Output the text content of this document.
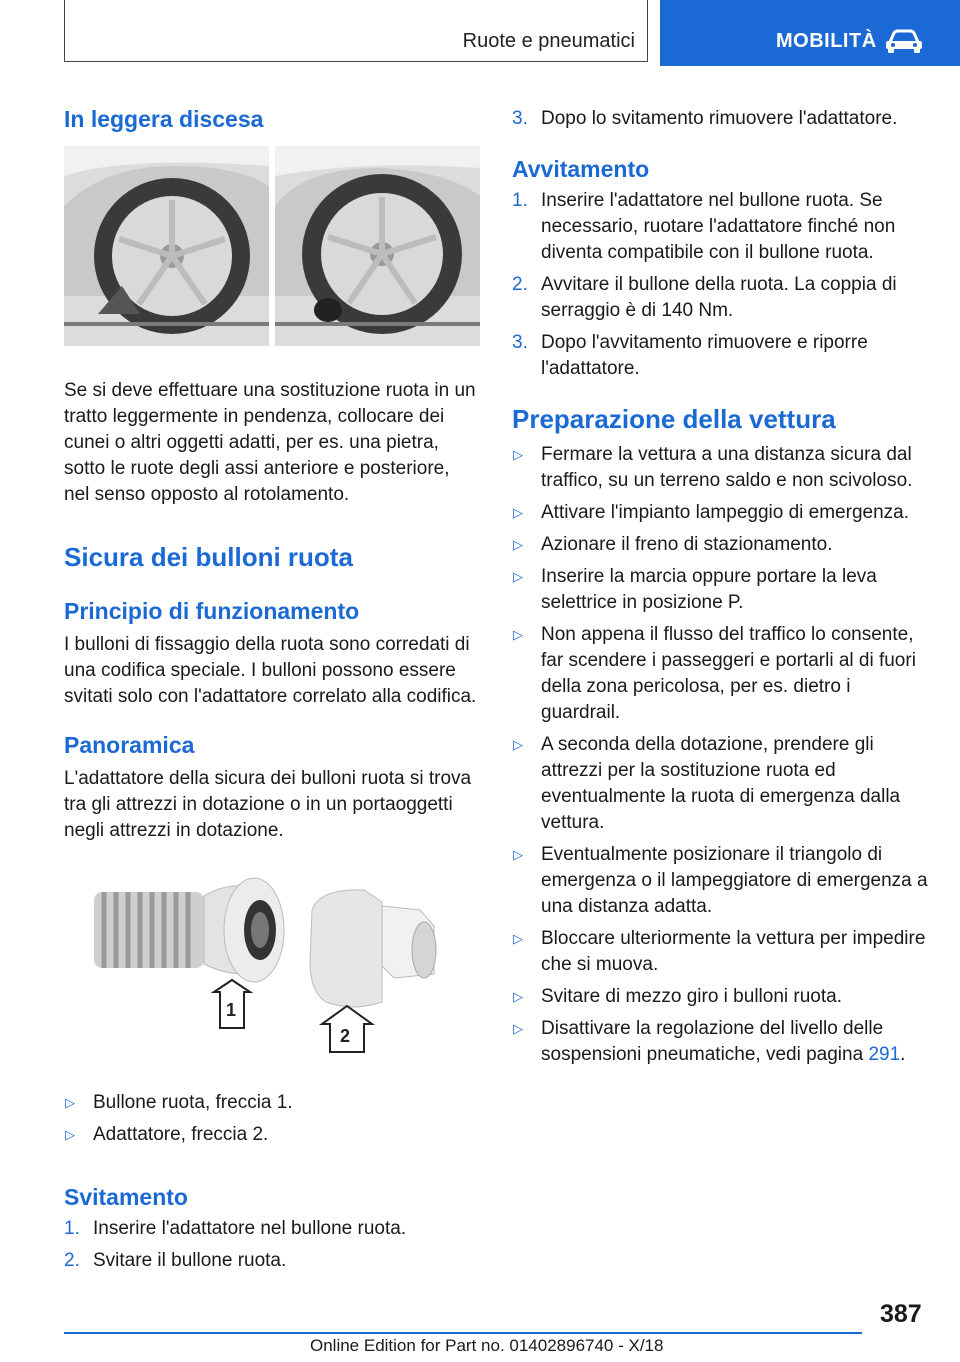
Ruote e pneumatici	MOBILITÀ
In leggera discesa

Se si deve effettuare una sostituzione ruota in un tratto leggermente in pendenza, collocare dei cunei o altri oggetti adatti, per es. una pietra, sotto le ruote degli assi anteriore e posteriore, nel senso opposto al rotolamento.

Sicura dei bulloni ruota
Principio di funzionamento

I bulloni di fissaggio della ruota sono corredati di una codifica speciale. I bulloni possono essere svitati solo con l'adattatore correlato alla codifica.

Panoramica

L'adattatore della sicura dei bulloni ruota si trova tra gli attrezzi in dotazione o in un portaoggetti negli attrezzi in dotazione.

1
2
▷ Bullone ruota, freccia 1.
▷ Adattatore, freccia 2.
Svitamento
1. Inserire l'adattatore nel bullone ruota.
2. Svitare il bullone ruota.
3. Dopo lo svitamento rimuovere l'adattatore.
Avvitamento
1. Inserire l'adattatore nel bullone ruota. Se necessario, ruotare l'adattatore finché non diventa compatibile con il bullone ruota.
2. Avvitare il bullone della ruota. La coppia di serraggio è di 140 Nm.
3. Dopo l'avvitamento rimuovere e riporre l'adattatore.
Preparazione della vettura
▷ Fermare la vettura a una distanza sicura dal traffico, su un terreno saldo e non scivoloso.
▷ Attivare l'impianto lampeggio di emergenza.
▷ Azionare il freno di stazionamento.
▷ Inserire la marcia oppure portare la leva selettrice in posizione P.
▷ Non appena il flusso del traffico lo consente, far scendere i passeggeri e portarli al di fuori della zona pericolosa, per es. dietro i guardrail.
▷ A seconda della dotazione, prendere gli attrezzi per la sostituzione ruota ed eventualmente la ruota di emergenza dalla vettura.
▷ Eventualmente posizionare il triangolo di emergenza o il lampeggiatore di emergenza a una distanza adatta.
▷ Bloccare ulteriormente la vettura per impedire che si muova.
▷ Svitare di mezzo giro i bulloni ruota.
▷ Disattivare la regolazione del livello delle sospensioni pneumatiche, vedi pagina 291.
387
Online Edition for Part no. 01402896740 - X/18
